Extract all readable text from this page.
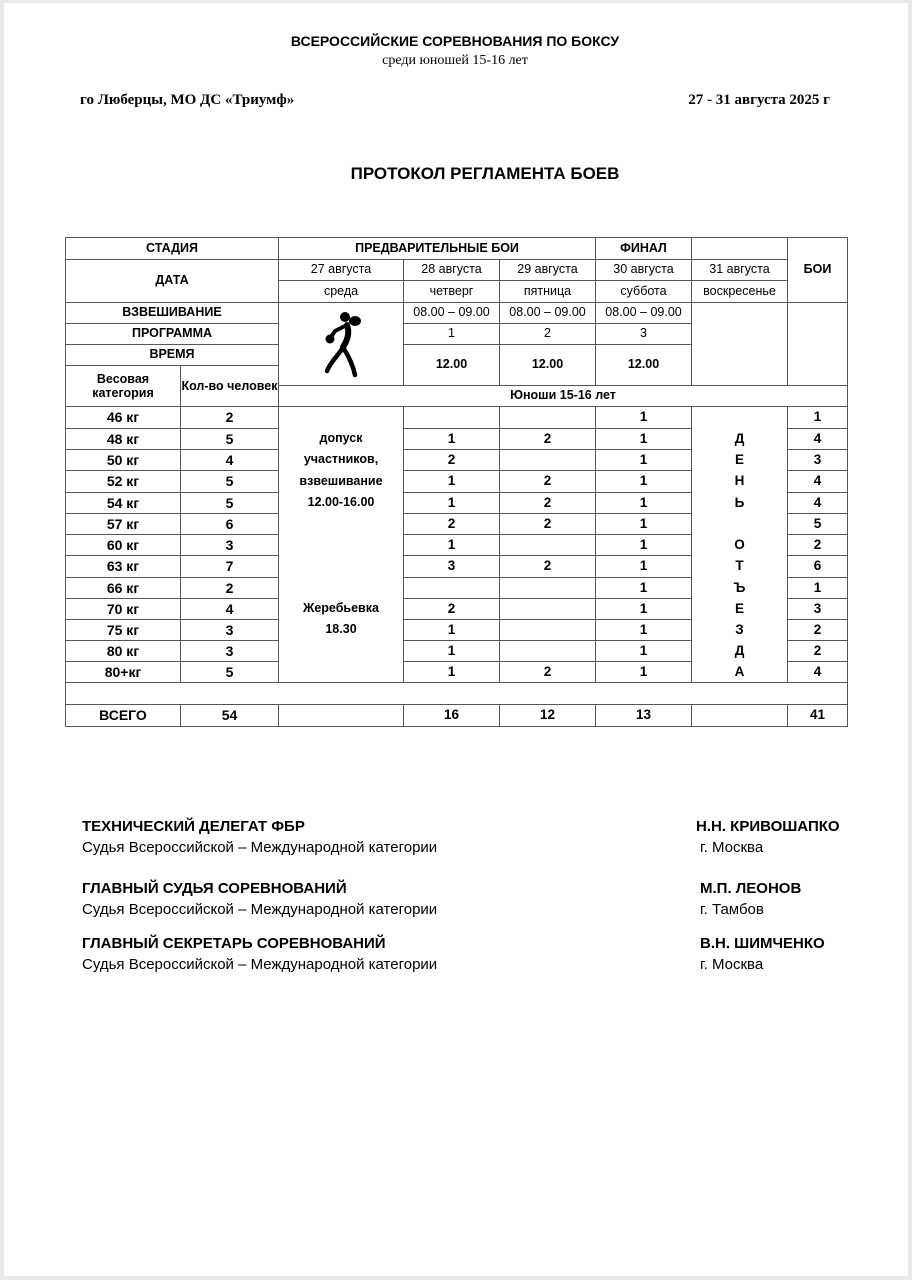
ВСЕРОССИЙСКИЕ СОРЕВНОВАНИЯ ПО БОКСУ
среди юношей 15-16 лет
го Люберцы, МО ДС «Триумф»	27 - 31 августа 2025 г
ПРОТОКОЛ РЕГЛАМЕНТА БОЕВ
СТАДИЯ		ПРЕДВАРИТЕЛЬНЫЕ БОИ			ФИНАЛ		БОИ
ДАТА		27 августа	28 августа	29 августа	30 августа	31 августа	
		среда	четверг	пятница	суббота	воскресенье	
ВЗВЕШИВАНИЕ			08.00 – 09.00	08.00 – 09.00	08.00 – 09.00		
ПРОГРАММА			1	2	3		
ВРЕМЯ			12.00	12.00	12.00		
Весовая категория	Кол-во человек						
		Юноши 15-16 лет					
46 кг	2				1		1
48 кг	5	допуск	1	2	1	Д	4
50 кг	4	участников,	2		1	Е	3
52 кг	5	взвешивание	1	2	1	Н	4
54 кг	5	12.00-16.00	1	2	1	Ь	4
57 кг	6		2	2	1		5
60 кг	3		1		1	О	2
63 кг	7		3	2	1	Т	6
66 кг	2				1	Ъ	1
70 кг	4	Жеребьевка	2		1	Е	3
75 кг	3	18.30	1		1	З	2
80 кг	3		1		1	Д	2
80+кг	5		1	2	1	А	4

ВСЕГО	54		16	12	13		41
ТЕХНИЧЕСКИЙ ДЕЛЕГАТ ФБР
Судья Всероссийской – Международной категории
Н.Н. КРИВОШАПКО
г. Москва
ГЛАВНЫЙ СУДЬЯ СОРЕВНОВАНИЙ
Судья Всероссийской – Международной категории
М.П. ЛЕОНОВ
г. Тамбов
ГЛАВНЫЙ СЕКРЕТАРЬ СОРЕВНОВАНИЙ
Судья Всероссийской – Международной категории
В.Н. ШИМЧЕНКО
г. Москва
